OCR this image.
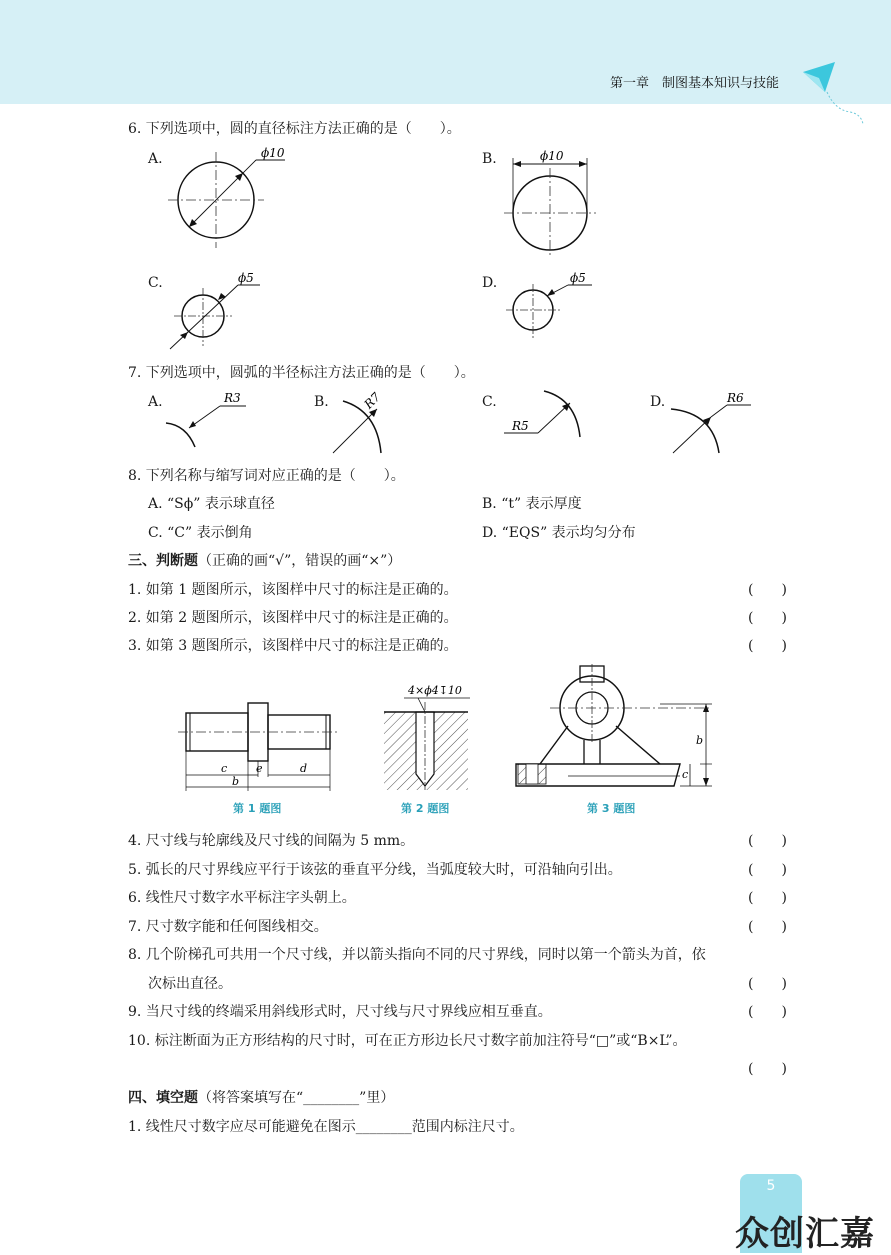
第一章　制图基本知识与技能
6. 下列选项中，圆的直径标注方法正确的是（　　）。
A.	B.
C.	D.
ϕ10	ϕ10
ϕ5	ϕ5
7. 下列选项中，圆弧的半径标注方法正确的是（　　）。
A.	B.	C.	D.
R3	R7
R5
R6
8. 下列名称与缩写词对应正确的是（　　）。
A. “Sϕ” 表示球直径	B. “t” 表示厚度
C. “C” 表示倒角	D. “EQS” 表示均匀分布
三、判断题（正确的画“√”，错误的画“×”）
1. 如第 1 题图所示，该图样中尺寸的标注是正确的。
2. 如第 2 题图所示，该图样中尺寸的标注是正确的。
3. 如第 3 题图所示，该图样中尺寸的标注是正确的。
(　　)
(　　)
(　　)
c	e	d
b
第 1 题图
4×ϕ4↧10
第 2 题图
b
c
第 3 题图
4. 尺寸线与轮廓线及尺寸线的间隔为 5 mm。
5. 弧长的尺寸界线应平行于该弦的垂直平分线，当弧度较大时，可沿轴向引出。
6. 线性尺寸数字水平标注字头朝上。
7. 尺寸数字能和任何图线相交。
8. 几个阶梯孔可共用一个尺寸线，并以箭头指向不同的尺寸界线，同时以第一个箭头为首，依
次标出直径。
9. 当尺寸线的终端采用斜线形式时，尺寸线与尺寸界线应相互垂直。
10. 标注断面为正方形结构的尺寸时，可在正方形边长尺寸数字前加注符号“□”或“B×L”。
(　　)
(　　)
(　　)
(　　)
(　　)
(　　)
(　　)
四、填空题（将答案填写在“________”里）
1. 线性尺寸数字应尽可能避免在图示________范围内标注尺寸。
5
众创汇嘉
